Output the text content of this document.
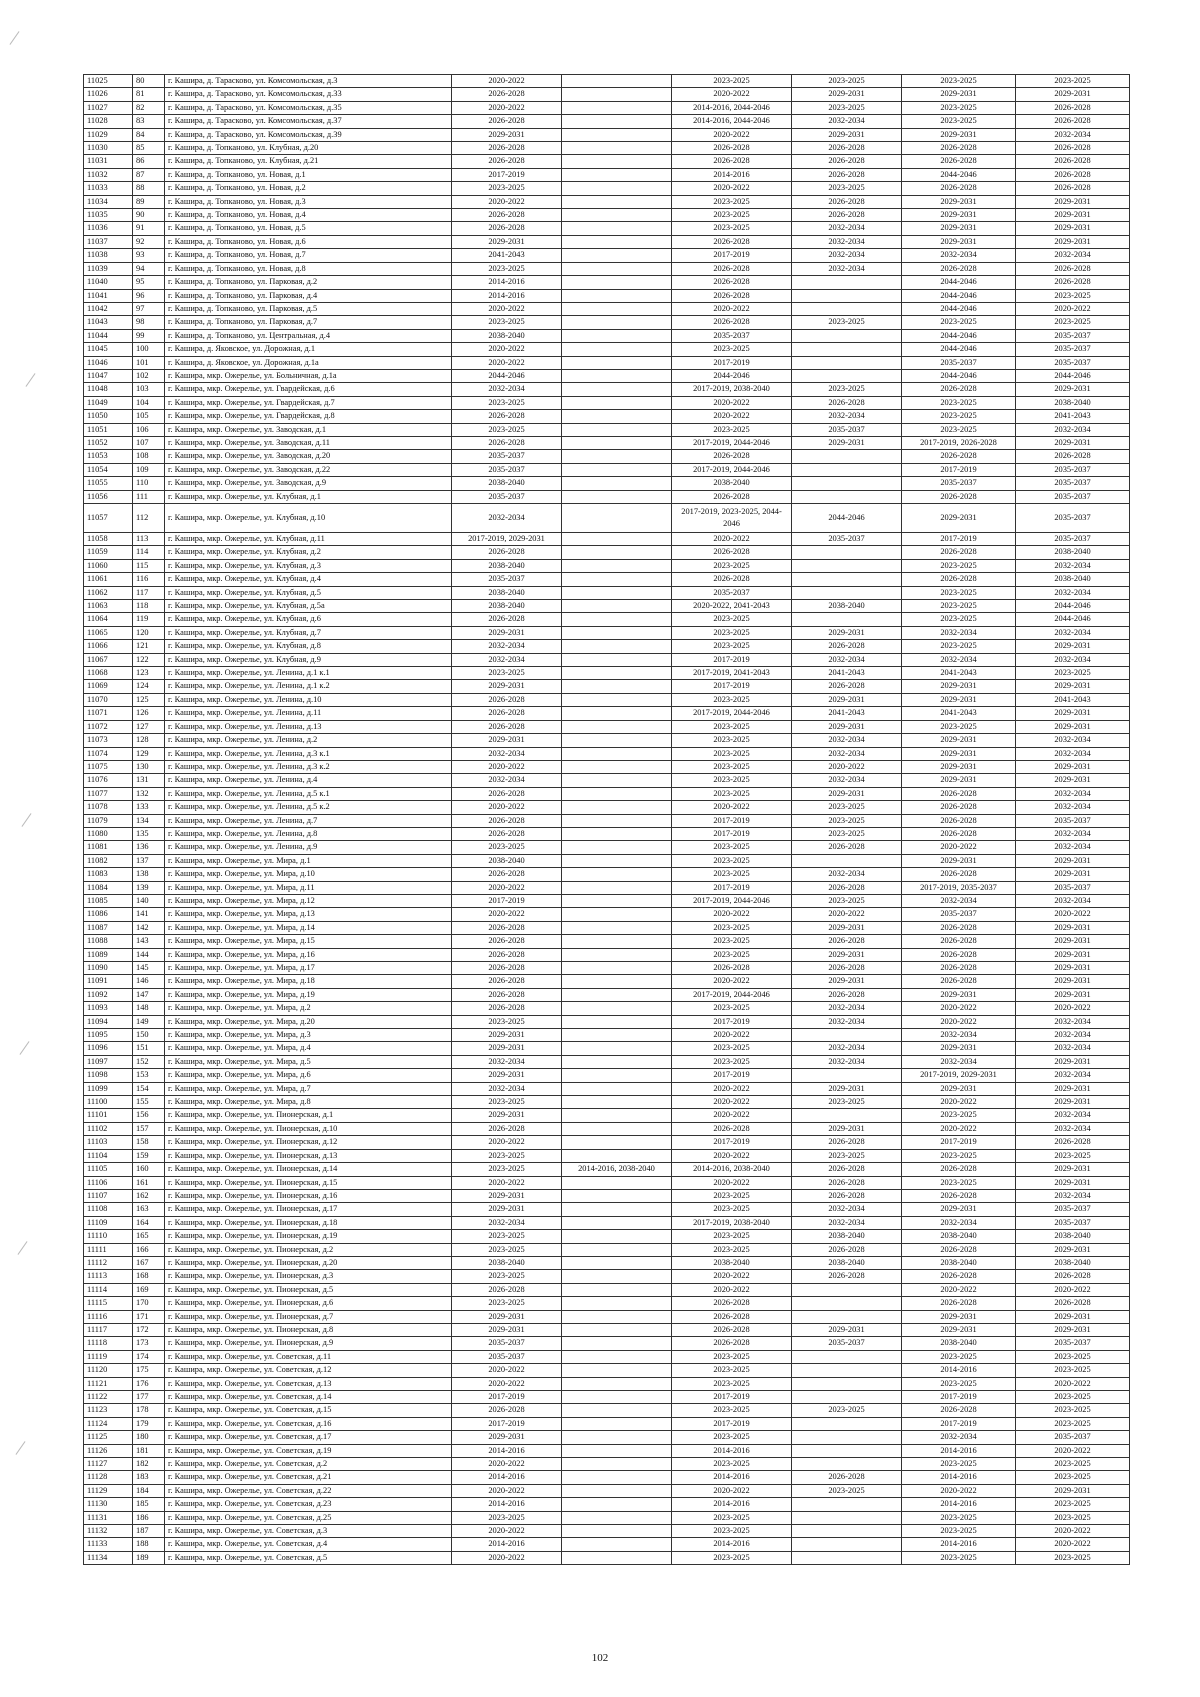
11025	80	г. Кашира, д. Тарасково, ул. Комсомольская, д.3	2020-2022		2023-2025	2023-2025	2023-2025	2023-2025
11026	81	г. Кашира, д. Тарасково, ул. Комсомольская, д.33	2026-2028		2020-2022	2029-2031	2029-2031	2029-2031
11027	82	г. Кашира, д. Тарасково, ул. Комсомольская, д.35	2020-2022		2014-2016, 2044-2046	2023-2025	2023-2025	2026-2028
11028	83	г. Кашира, д. Тарасково, ул. Комсомольская, д.37	2026-2028		2014-2016, 2044-2046	2032-2034	2023-2025	2026-2028
11029	84	г. Кашира, д. Тарасково, ул. Комсомольская, д.39	2029-2031		2020-2022	2029-2031	2029-2031	2032-2034
11030	85	г. Кашира, д. Топканово, ул. Клубная, д.20	2026-2028		2026-2028	2026-2028	2026-2028	2026-2028
11031	86	г. Кашира, д. Топканово, ул. Клубная, д.21	2026-2028		2026-2028	2026-2028	2026-2028	2026-2028
11032	87	г. Кашира, д. Топканово, ул. Новая, д.1	2017-2019		2014-2016	2026-2028	2044-2046	2026-2028
11033	88	г. Кашира, д. Топканово, ул. Новая, д.2	2023-2025		2020-2022	2023-2025	2026-2028	2026-2028
11034	89	г. Кашира, д. Топканово, ул. Новая, д.3	2020-2022		2023-2025	2026-2028	2029-2031	2029-2031
11035	90	г. Кашира, д. Топканово, ул. Новая, д.4	2026-2028		2023-2025	2026-2028	2029-2031	2029-2031
11036	91	г. Кашира, д. Топканово, ул. Новая, д.5	2026-2028		2023-2025	2032-2034	2029-2031	2029-2031
11037	92	г. Кашира, д. Топканово, ул. Новая, д.6	2029-2031		2026-2028	2032-2034	2029-2031	2029-2031
11038	93	г. Кашира, д. Топканово, ул. Новая, д.7	2041-2043		2017-2019	2032-2034	2032-2034	2032-2034
11039	94	г. Кашира, д. Топканово, ул. Новая, д.8	2023-2025		2026-2028	2032-2034	2026-2028	2026-2028
11040	95	г. Кашира, д. Топканово, ул. Парковая, д.2	2014-2016		2026-2028		2044-2046	2026-2028
11041	96	г. Кашира, д. Топканово, ул. Парковая, д.4	2014-2016		2026-2028		2044-2046	2023-2025
11042	97	г. Кашира, д. Топканово, ул. Парковая, д.5	2020-2022		2020-2022		2044-2046	2020-2022
11043	98	г. Кашира, д. Топканово, ул. Парковая, д.7	2023-2025		2026-2028	2023-2025	2023-2025	2023-2025
11044	99	г. Кашира, д. Топканово, ул. Центральная, д.4	2038-2040		2035-2037		2044-2046	2035-2037
11045	100	г. Кашира, д. Яковское, ул. Дорожная, д.1	2020-2022		2023-2025		2044-2046	2035-2037
11046	101	г. Кашира, д. Яковское, ул. Дорожная, д.1а	2020-2022		2017-2019		2035-2037	2035-2037
11047	102	г. Кашира, мкр. Ожерелье, ул. Больничная, д.1а	2044-2046		2044-2046		2044-2046	2044-2046
11048	103	г. Кашира, мкр. Ожерелье, ул. Гвардейская, д.6	2032-2034		2017-2019, 2038-2040	2023-2025	2026-2028	2029-2031
11049	104	г. Кашира, мкр. Ожерелье, ул. Гвардейская, д.7	2023-2025		2020-2022	2026-2028	2023-2025	2038-2040
11050	105	г. Кашира, мкр. Ожерелье, ул. Гвардейская, д.8	2026-2028		2020-2022	2032-2034	2023-2025	2041-2043
11051	106	г. Кашира, мкр. Ожерелье, ул. Заводская, д.1	2023-2025		2023-2025	2035-2037	2023-2025	2032-2034
11052	107	г. Кашира, мкр. Ожерелье, ул. Заводская, д.11	2026-2028		2017-2019, 2044-2046	2029-2031	2017-2019, 2026-2028	2029-2031
11053	108	г. Кашира, мкр. Ожерелье, ул. Заводская, д.20	2035-2037		2026-2028		2026-2028	2026-2028
11054	109	г. Кашира, мкр. Ожерелье, ул. Заводская, д.22	2035-2037		2017-2019, 2044-2046		2017-2019	2035-2037
11055	110	г. Кашира, мкр. Ожерелье, ул. Заводская, д.9	2038-2040		2038-2040		2035-2037	2035-2037
11056	111	г. Кашира, мкр. Ожерелье, ул. Клубная, д.1	2035-2037		2026-2028		2026-2028	2035-2037
11057	112	г. Кашира, мкр. Ожерелье, ул. Клубная, д.10	2032-2034		2017-2019, 2023-2025, 2044-2046	2044-2046	2029-2031	2035-2037
11058	113	г. Кашира, мкр. Ожерелье, ул. Клубная, д.11	2017-2019, 2029-2031		2020-2022	2035-2037	2017-2019	2035-2037
11059	114	г. Кашира, мкр. Ожерелье, ул. Клубная, д.2	2026-2028		2026-2028		2026-2028	2038-2040
11060	115	г. Кашира, мкр. Ожерелье, ул. Клубная, д.3	2038-2040		2023-2025		2023-2025	2032-2034
11061	116	г. Кашира, мкр. Ожерелье, ул. Клубная, д.4	2035-2037		2026-2028		2026-2028	2038-2040
11062	117	г. Кашира, мкр. Ожерелье, ул. Клубная, д.5	2038-2040		2035-2037		2023-2025	2032-2034
11063	118	г. Кашира, мкр. Ожерелье, ул. Клубная, д.5а	2038-2040		2020-2022, 2041-2043	2038-2040	2023-2025	2044-2046
11064	119	г. Кашира, мкр. Ожерелье, ул. Клубная, д.6	2026-2028		2023-2025		2023-2025	2044-2046
11065	120	г. Кашира, мкр. Ожерелье, ул. Клубная, д.7	2029-2031		2023-2025	2029-2031	2032-2034	2032-2034
11066	121	г. Кашира, мкр. Ожерелье, ул. Клубная, д.8	2032-2034		2023-2025	2026-2028	2023-2025	2029-2031
11067	122	г. Кашира, мкр. Ожерелье, ул. Клубная, д.9	2032-2034		2017-2019	2032-2034	2032-2034	2032-2034
11068	123	г. Кашира, мкр. Ожерелье, ул. Ленина, д.1 к.1	2023-2025		2017-2019, 2041-2043	2041-2043	2041-2043	2023-2025
11069	124	г. Кашира, мкр. Ожерелье, ул. Ленина, д.1 к.2	2029-2031		2017-2019	2026-2028	2029-2031	2029-2031
11070	125	г. Кашира, мкр. Ожерелье, ул. Ленина, д.10	2026-2028		2023-2025	2029-2031	2029-2031	2041-2043
11071	126	г. Кашира, мкр. Ожерелье, ул. Ленина, д.11	2026-2028		2017-2019, 2044-2046	2041-2043	2041-2043	2029-2031
11072	127	г. Кашира, мкр. Ожерелье, ул. Ленина, д.13	2026-2028		2023-2025	2029-2031	2023-2025	2029-2031
11073	128	г. Кашира, мкр. Ожерелье, ул. Ленина, д.2	2029-2031		2023-2025	2032-2034	2029-2031	2032-2034
11074	129	г. Кашира, мкр. Ожерелье, ул. Ленина, д.3 к.1	2032-2034		2023-2025	2032-2034	2029-2031	2032-2034
11075	130	г. Кашира, мкр. Ожерелье, ул. Ленина, д.3 к.2	2020-2022		2023-2025	2020-2022	2029-2031	2029-2031
11076	131	г. Кашира, мкр. Ожерелье, ул. Ленина, д.4	2032-2034		2023-2025	2032-2034	2029-2031	2029-2031
11077	132	г. Кашира, мкр. Ожерелье, ул. Ленина, д.5 к.1	2026-2028		2023-2025	2029-2031	2026-2028	2032-2034
11078	133	г. Кашира, мкр. Ожерелье, ул. Ленина, д.5 к.2	2020-2022		2020-2022	2023-2025	2026-2028	2032-2034
11079	134	г. Кашира, мкр. Ожерелье, ул. Ленина, д.7	2026-2028		2017-2019	2023-2025	2026-2028	2035-2037
11080	135	г. Кашира, мкр. Ожерелье, ул. Ленина, д.8	2026-2028		2017-2019	2023-2025	2026-2028	2032-2034
11081	136	г. Кашира, мкр. Ожерелье, ул. Ленина, д.9	2023-2025		2023-2025	2026-2028	2020-2022	2032-2034
11082	137	г. Кашира, мкр. Ожерелье, ул. Мира, д.1	2038-2040		2023-2025		2029-2031	2029-2031
11083	138	г. Кашира, мкр. Ожерелье, ул. Мира, д.10	2026-2028		2023-2025	2032-2034	2026-2028	2029-2031
11084	139	г. Кашира, мкр. Ожерелье, ул. Мира, д.11	2020-2022		2017-2019	2026-2028	2017-2019, 2035-2037	2035-2037
11085	140	г. Кашира, мкр. Ожерелье, ул. Мира, д.12	2017-2019		2017-2019, 2044-2046	2023-2025	2032-2034	2032-2034
11086	141	г. Кашира, мкр. Ожерелье, ул. Мира, д.13	2020-2022		2020-2022	2020-2022	2035-2037	2020-2022
11087	142	г. Кашира, мкр. Ожерелье, ул. Мира, д.14	2026-2028		2023-2025	2029-2031	2026-2028	2029-2031
11088	143	г. Кашира, мкр. Ожерелье, ул. Мира, д.15	2026-2028		2023-2025	2026-2028	2026-2028	2029-2031
11089	144	г. Кашира, мкр. Ожерелье, ул. Мира, д.16	2026-2028		2023-2025	2029-2031	2026-2028	2029-2031
11090	145	г. Кашира, мкр. Ожерелье, ул. Мира, д.17	2026-2028		2026-2028	2026-2028	2026-2028	2029-2031
11091	146	г. Кашира, мкр. Ожерелье, ул. Мира, д.18	2026-2028		2020-2022	2029-2031	2026-2028	2029-2031
11092	147	г. Кашира, мкр. Ожерелье, ул. Мира, д.19	2026-2028		2017-2019, 2044-2046	2026-2028	2029-2031	2029-2031
11093	148	г. Кашира, мкр. Ожерелье, ул. Мира, д.2	2026-2028		2023-2025	2032-2034	2020-2022	2020-2022
11094	149	г. Кашира, мкр. Ожерелье, ул. Мира, д.20	2023-2025		2017-2019	2032-2034	2020-2022	2032-2034
11095	150	г. Кашира, мкр. Ожерелье, ул. Мира, д.3	2029-2031		2020-2022		2032-2034	2032-2034
11096	151	г. Кашира, мкр. Ожерелье, ул. Мира, д.4	2029-2031		2023-2025	2032-2034	2029-2031	2032-2034
11097	152	г. Кашира, мкр. Ожерелье, ул. Мира, д.5	2032-2034		2023-2025	2032-2034	2032-2034	2029-2031
11098	153	г. Кашира, мкр. Ожерелье, ул. Мира, д.6	2029-2031		2017-2019		2017-2019, 2029-2031	2032-2034
11099	154	г. Кашира, мкр. Ожерелье, ул. Мира, д.7	2032-2034		2020-2022	2029-2031	2029-2031	2029-2031
11100	155	г. Кашира, мкр. Ожерелье, ул. Мира, д.8	2023-2025		2020-2022	2023-2025	2020-2022	2029-2031
11101	156	г. Кашира, мкр. Ожерелье, ул. Пионерская, д.1	2029-2031		2020-2022		2023-2025	2032-2034
11102	157	г. Кашира, мкр. Ожерелье, ул. Пионерская, д.10	2026-2028		2026-2028	2029-2031	2020-2022	2032-2034
11103	158	г. Кашира, мкр. Ожерелье, ул. Пионерская, д.12	2020-2022		2017-2019	2026-2028	2017-2019	2026-2028
11104	159	г. Кашира, мкр. Ожерелье, ул. Пионерская, д.13	2023-2025		2020-2022	2023-2025	2023-2025	2023-2025
11105	160	г. Кашира, мкр. Ожерелье, ул. Пионерская, д.14	2023-2025	2014-2016, 2038-2040	2014-2016, 2038-2040	2026-2028	2026-2028	2029-2031
11106	161	г. Кашира, мкр. Ожерелье, ул. Пионерская, д.15	2020-2022		2020-2022	2026-2028	2023-2025	2029-2031
11107	162	г. Кашира, мкр. Ожерелье, ул. Пионерская, д.16	2029-2031		2023-2025	2026-2028	2026-2028	2032-2034
11108	163	г. Кашира, мкр. Ожерелье, ул. Пионерская, д.17	2029-2031		2023-2025	2032-2034	2029-2031	2035-2037
11109	164	г. Кашира, мкр. Ожерелье, ул. Пионерская, д.18	2032-2034		2017-2019, 2038-2040	2032-2034	2032-2034	2035-2037
11110	165	г. Кашира, мкр. Ожерелье, ул. Пионерская, д.19	2023-2025		2023-2025	2038-2040	2038-2040	2038-2040
11111	166	г. Кашира, мкр. Ожерелье, ул. Пионерская, д.2	2023-2025		2023-2025	2026-2028	2026-2028	2029-2031
11112	167	г. Кашира, мкр. Ожерелье, ул. Пионерская, д.20	2038-2040		2038-2040	2038-2040	2038-2040	2038-2040
11113	168	г. Кашира, мкр. Ожерелье, ул. Пионерская, д.3	2023-2025		2020-2022	2026-2028	2026-2028	2026-2028
11114	169	г. Кашира, мкр. Ожерелье, ул. Пионерская, д.5	2026-2028		2020-2022		2020-2022	2020-2022
11115	170	г. Кашира, мкр. Ожерелье, ул. Пионерская, д.6	2023-2025		2026-2028		2026-2028	2026-2028
11116	171	г. Кашира, мкр. Ожерелье, ул. Пионерская, д.7	2029-2031		2026-2028		2029-2031	2029-2031
11117	172	г. Кашира, мкр. Ожерелье, ул. Пионерская, д.8	2029-2031		2026-2028	2029-2031	2029-2031	2029-2031
11118	173	г. Кашира, мкр. Ожерелье, ул. Пионерская, д.9	2035-2037		2026-2028	2035-2037	2038-2040	2035-2037
11119	174	г. Кашира, мкр. Ожерелье, ул. Советская, д.11	2035-2037		2023-2025		2023-2025	2023-2025
11120	175	г. Кашира, мкр. Ожерелье, ул. Советская, д.12	2020-2022		2023-2025		2014-2016	2023-2025
11121	176	г. Кашира, мкр. Ожерелье, ул. Советская, д.13	2020-2022		2023-2025		2023-2025	2020-2022
11122	177	г. Кашира, мкр. Ожерелье, ул. Советская, д.14	2017-2019		2017-2019		2017-2019	2023-2025
11123	178	г. Кашира, мкр. Ожерелье, ул. Советская, д.15	2026-2028		2023-2025	2023-2025	2026-2028	2023-2025
11124	179	г. Кашира, мкр. Ожерелье, ул. Советская, д.16	2017-2019		2017-2019		2017-2019	2023-2025
11125	180	г. Кашира, мкр. Ожерелье, ул. Советская, д.17	2029-2031		2023-2025		2032-2034	2035-2037
11126	181	г. Кашира, мкр. Ожерелье, ул. Советская, д.19	2014-2016		2014-2016		2014-2016	2020-2022
11127	182	г. Кашира, мкр. Ожерелье, ул. Советская, д.2	2020-2022		2023-2025		2023-2025	2023-2025
11128	183	г. Кашира, мкр. Ожерелье, ул. Советская, д.21	2014-2016		2014-2016	2026-2028	2014-2016	2023-2025
11129	184	г. Кашира, мкр. Ожерелье, ул. Советская, д.22	2020-2022		2020-2022	2023-2025	2020-2022	2029-2031
11130	185	г. Кашира, мкр. Ожерелье, ул. Советская, д.23	2014-2016		2014-2016		2014-2016	2023-2025
11131	186	г. Кашира, мкр. Ожерелье, ул. Советская, д.25	2023-2025		2023-2025		2023-2025	2023-2025
11132	187	г. Кашира, мкр. Ожерелье, ул. Советская, д.3	2020-2022		2023-2025		2023-2025	2020-2022
11133	188	г. Кашира, мкр. Ожерелье, ул. Советская, д.4	2014-2016		2014-2016		2014-2016	2020-2022
11134	189	г. Кашира, мкр. Ожерелье, ул. Советская, д.5	2020-2022		2023-2025		2023-2025	2023-2025
102
